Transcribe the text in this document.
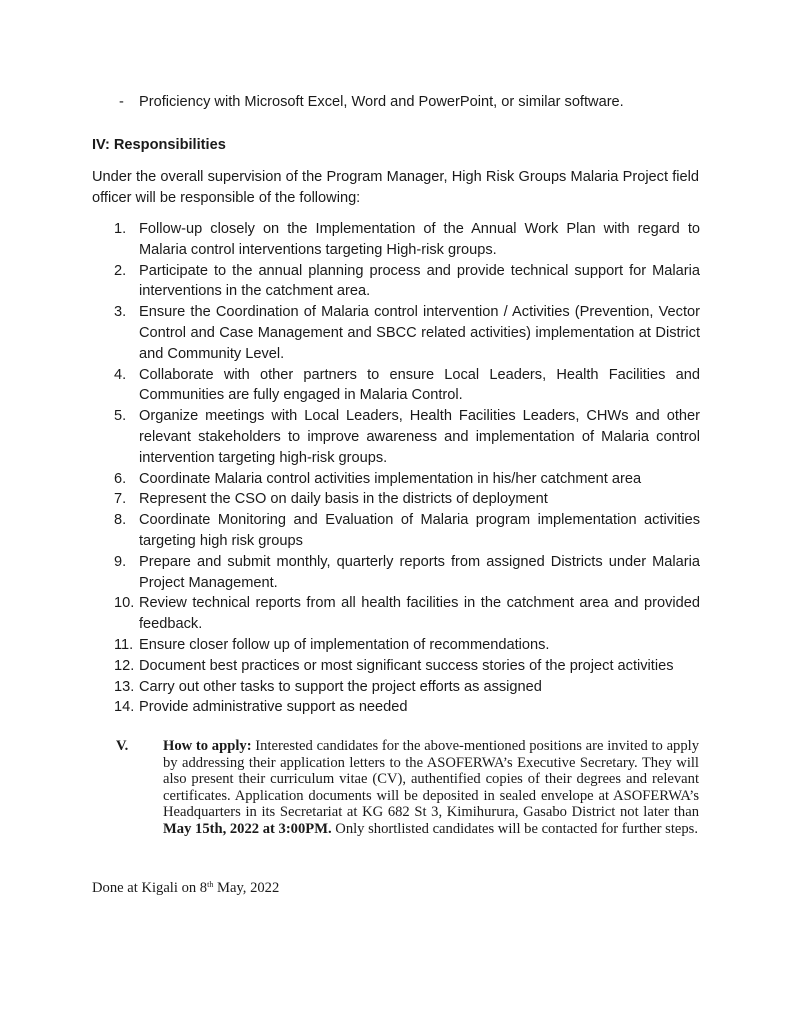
- Proficiency with Microsoft Excel, Word and PowerPoint, or similar software.
IV: Responsibilities
Under the overall supervision of the Program Manager, High Risk Groups Malaria Project field officer will be responsible of the following:
1. Follow-up closely on the Implementation of the Annual Work Plan with regard to Malaria control interventions targeting High-risk groups.
2. Participate to the annual planning process and provide technical support for Malaria interventions in the catchment area.
3. Ensure the Coordination of Malaria control intervention / Activities (Prevention, Vector Control and Case Management and SBCC related activities) implementation at District and Community Level.
4. Collaborate with other partners to ensure Local Leaders, Health Facilities and Communities are fully engaged in Malaria Control.
5. Organize meetings with Local Leaders, Health Facilities Leaders, CHWs and other relevant stakeholders to improve awareness and implementation of Malaria control intervention targeting high-risk groups.
6. Coordinate Malaria control activities implementation in his/her catchment area
7. Represent the CSO on daily basis in the districts of deployment
8. Coordinate Monitoring and Evaluation of Malaria program implementation activities targeting high risk groups
9. Prepare and submit monthly, quarterly reports from assigned Districts under Malaria Project Management.
10. Review technical reports from all health facilities in the catchment area and provided feedback.
11. Ensure closer follow up of implementation of recommendations.
12. Document best practices or most significant success stories of the project activities
13. Carry out other tasks to support the project efforts as assigned
14. Provide administrative support as needed
V. How to apply: Interested candidates for the above-mentioned positions are invited to apply by addressing their application letters to the ASOFERWA’s Executive Secretary. They will also present their curriculum vitae (CV), authentified copies of their degrees and relevant certificates. Application documents will be deposited in sealed envelope at ASOFERWA’s Headquarters in its Secretariat at KG 682 St 3, Kimihurura, Gasabo District not later than May 15th, 2022 at 3:00PM. Only shortlisted candidates will be contacted for further steps.
Done at Kigali on 8th May, 2022
